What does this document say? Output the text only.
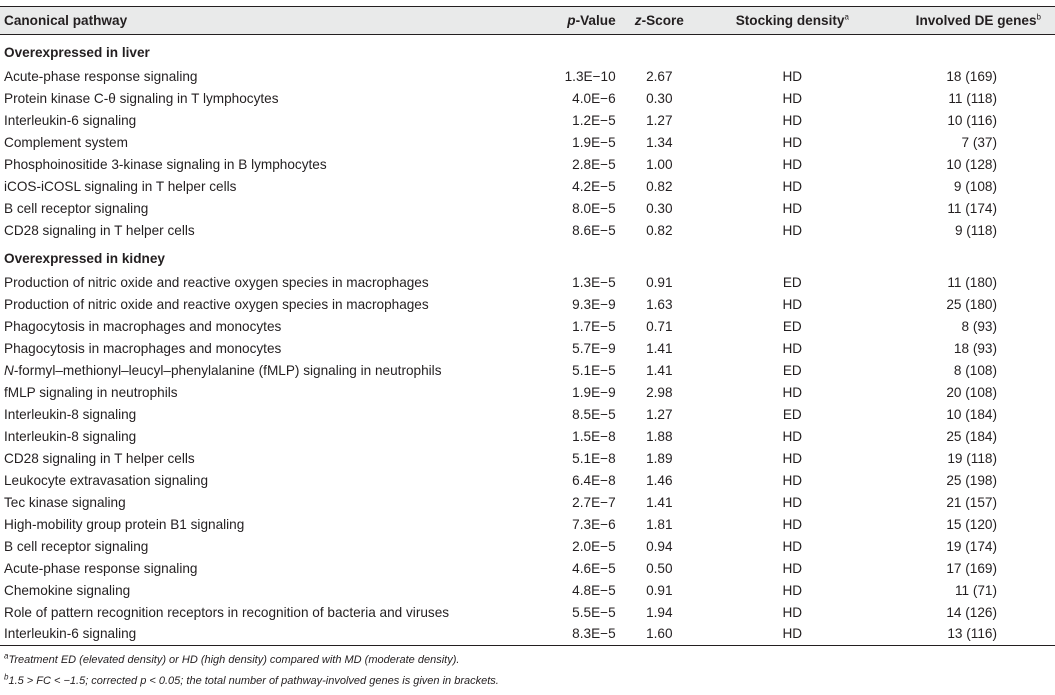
Canonical pathway	p-Value	z-Score	Stocking density$^a$	Involved DE genes$^b$
Overexpressed in liver				
Acute-phase response signaling	1.3E−10	2.67	HD	18 (169)
Protein kinase C-θ signaling in T lymphocytes	4.0E−6	0.30	HD	11 (118)
Interleukin-6 signaling	1.2E−5	1.27	HD	10 (116)
Complement system	1.9E−5	1.34	HD	7 (37)
Phosphoinositide 3-kinase signaling in B lymphocytes	2.8E−5	1.00	HD	10 (128)
iCOS-iCOSL signaling in T helper cells	4.2E−5	0.82	HD	9 (108)
B cell receptor signaling	8.0E−5	0.30	HD	11 (174)
CD28 signaling in T helper cells	8.6E−5	0.82	HD	9 (118)
Overexpressed in kidney				
Production of nitric oxide and reactive oxygen species in macrophages	1.3E−5	0.91	ED	11 (180)
Production of nitric oxide and reactive oxygen species in macrophages	9.3E−9	1.63	HD	25 (180)
Phagocytosis in macrophages and monocytes	1.7E−5	0.71	ED	8 (93)
Phagocytosis in macrophages and monocytes	5.7E−9	1.41	HD	18 (93)
N-formyl–methionyl–leucyl–phenylalanine (fMLP) signaling in neutrophils	5.1E−5	1.41	ED	8 (108)
fMLP signaling in neutrophils	1.9E−9	2.98	HD	20 (108)
Interleukin-8 signaling	8.5E−5	1.27	ED	10 (184)
Interleukin-8 signaling	1.5E−8	1.88	HD	25 (184)
CD28 signaling in T helper cells	5.1E−8	1.89	HD	19 (118)
Leukocyte extravasation signaling	6.4E−8	1.46	HD	25 (198)
Tec kinase signaling	2.7E−7	1.41	HD	21 (157)
High-mobility group protein B1 signaling	7.3E−6	1.81	HD	15 (120)
B cell receptor signaling	2.0E−5	0.94	HD	19 (174)
Acute-phase response signaling	4.6E−5	0.50	HD	17 (169)
Chemokine signaling	4.8E−5	0.91	HD	11 (71)
Role of pattern recognition receptors in recognition of bacteria and viruses	5.5E−5	1.94	HD	14 (126)
Interleukin-6 signaling	8.3E−5	1.60	HD	13 (116)
$^a$Treatment ED (elevated density) or HD (high density) compared with MD (moderate density).
$^b$1.5 > FC < −1.5; corrected p < 0.05; the total number of pathway-involved genes is given in brackets.
